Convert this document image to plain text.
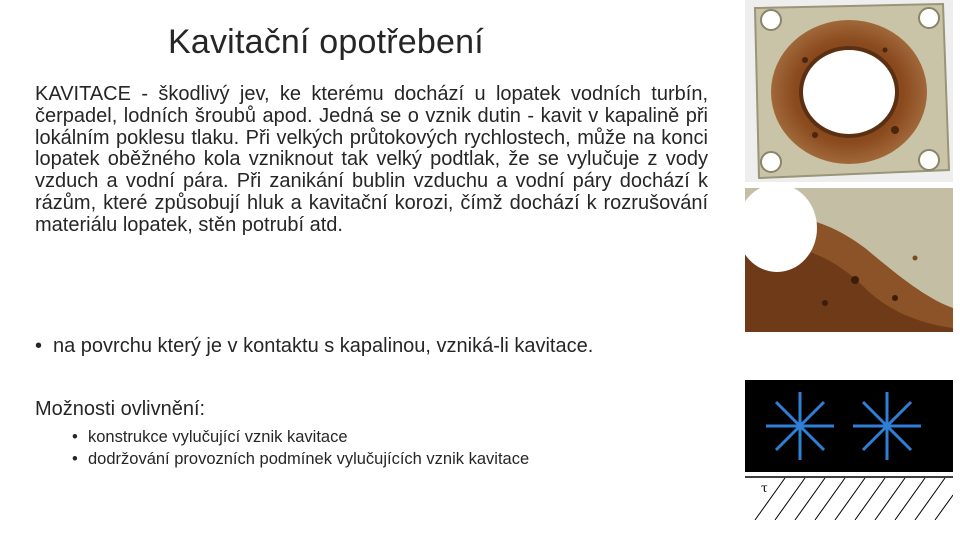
Kavitační opotřebení

KAVITACE - škodlivý jev, ke kterému dochází u lopatek vodních turbín, čerpadel, lodních šroubů apod. Jedná se o vznik dutin - kavit v kapalině při lokálním poklesu tlaku. Při velkých průtokových rychlostech, může na konci lopatek oběžného kola vzniknout tak velký podtlak, že se vylučuje z vody vzduch a vodní pára. Při zanikání bublin vzduchu a vodní páry dochází k rázům, které způsobují hluk a kavitační korozi, čímž dochází k rozrušování materiálu lopatek, stěn potrubí atd.

• na povrchu který je v kontaktu s kapalinou, vzniká-li kavitace.

Možnosti ovlivnění:

• konstrukce vylučující vznik kavitace
• dodržování provozních podmínek vylučujících vznik kavitace
τ
